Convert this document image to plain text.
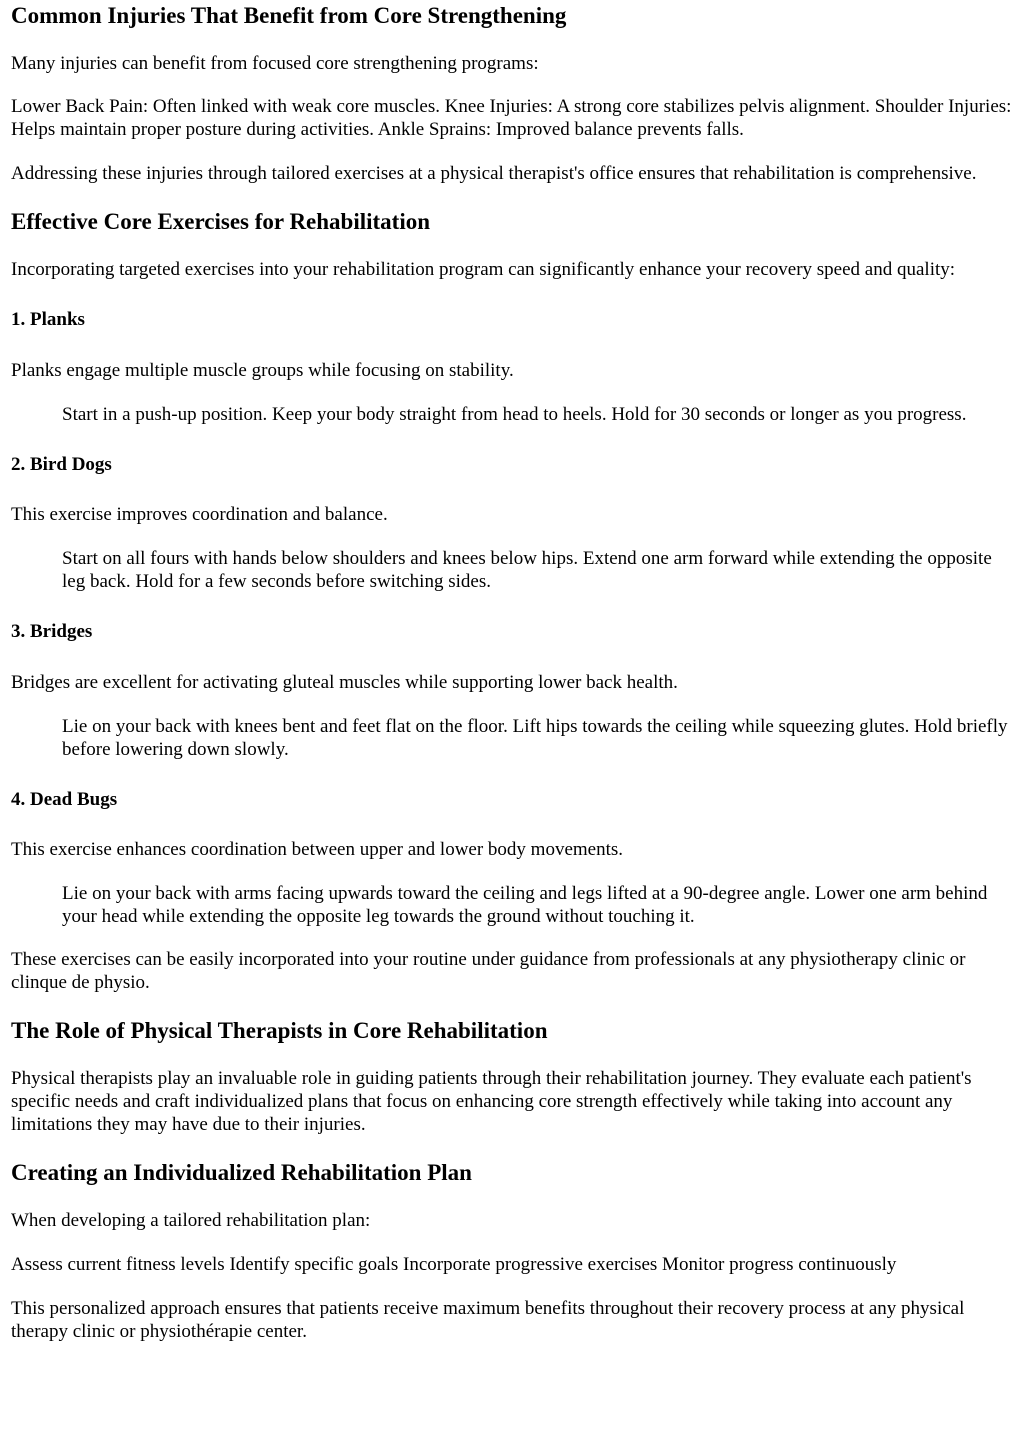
Common Injuries That Benefit from Core Strengthening

Many injuries can benefit from focused core strengthening programs:

Lower Back Pain: Often linked with weak core muscles. Knee Injuries: A strong core stabilizes pelvis alignment. Shoulder Injuries: Helps maintain proper posture during activities. Ankle Sprains: Improved balance prevents falls.

Addressing these injuries through tailored exercises at a physical therapist's office ensures that rehabilitation is comprehensive.

Effective Core Exercises for Rehabilitation

Incorporating targeted exercises into your rehabilitation program can significantly enhance your recovery speed and quality:

1. Planks

Planks engage multiple muscle groups while focusing on stability.

Start in a push-up position. Keep your body straight from head to heels. Hold for 30 seconds or longer as you progress.

2. Bird Dogs

This exercise improves coordination and balance.

Start on all fours with hands below shoulders and knees below hips. Extend one arm forward while extending the opposite leg back. Hold for a few seconds before switching sides.

3. Bridges

Bridges are excellent for activating gluteal muscles while supporting lower back health.

Lie on your back with knees bent and feet flat on the floor. Lift hips towards the ceiling while squeezing glutes. Hold briefly before lowering down slowly.

4. Dead Bugs

This exercise enhances coordination between upper and lower body movements.

Lie on your back with arms facing upwards toward the ceiling and legs lifted at a 90-degree angle. Lower one arm behind your head while extending the opposite leg towards the ground without touching it.

These exercises can be easily incorporated into your routine under guidance from professionals at any physiotherapy clinic or clinque de physio.

The Role of Physical Therapists in Core Rehabilitation

Physical therapists play an invaluable role in guiding patients through their rehabilitation journey. They evaluate each patient's specific needs and craft individualized plans that focus on enhancing core strength effectively while taking into account any limitations they may have due to their injuries.

Creating an Individualized Rehabilitation Plan

When developing a tailored rehabilitation plan:

Assess current fitness levels Identify specific goals Incorporate progressive exercises Monitor progress continuously

This personalized approach ensures that patients receive maximum benefits throughout their recovery process at any physical therapy clinic or physiothérapie center.
